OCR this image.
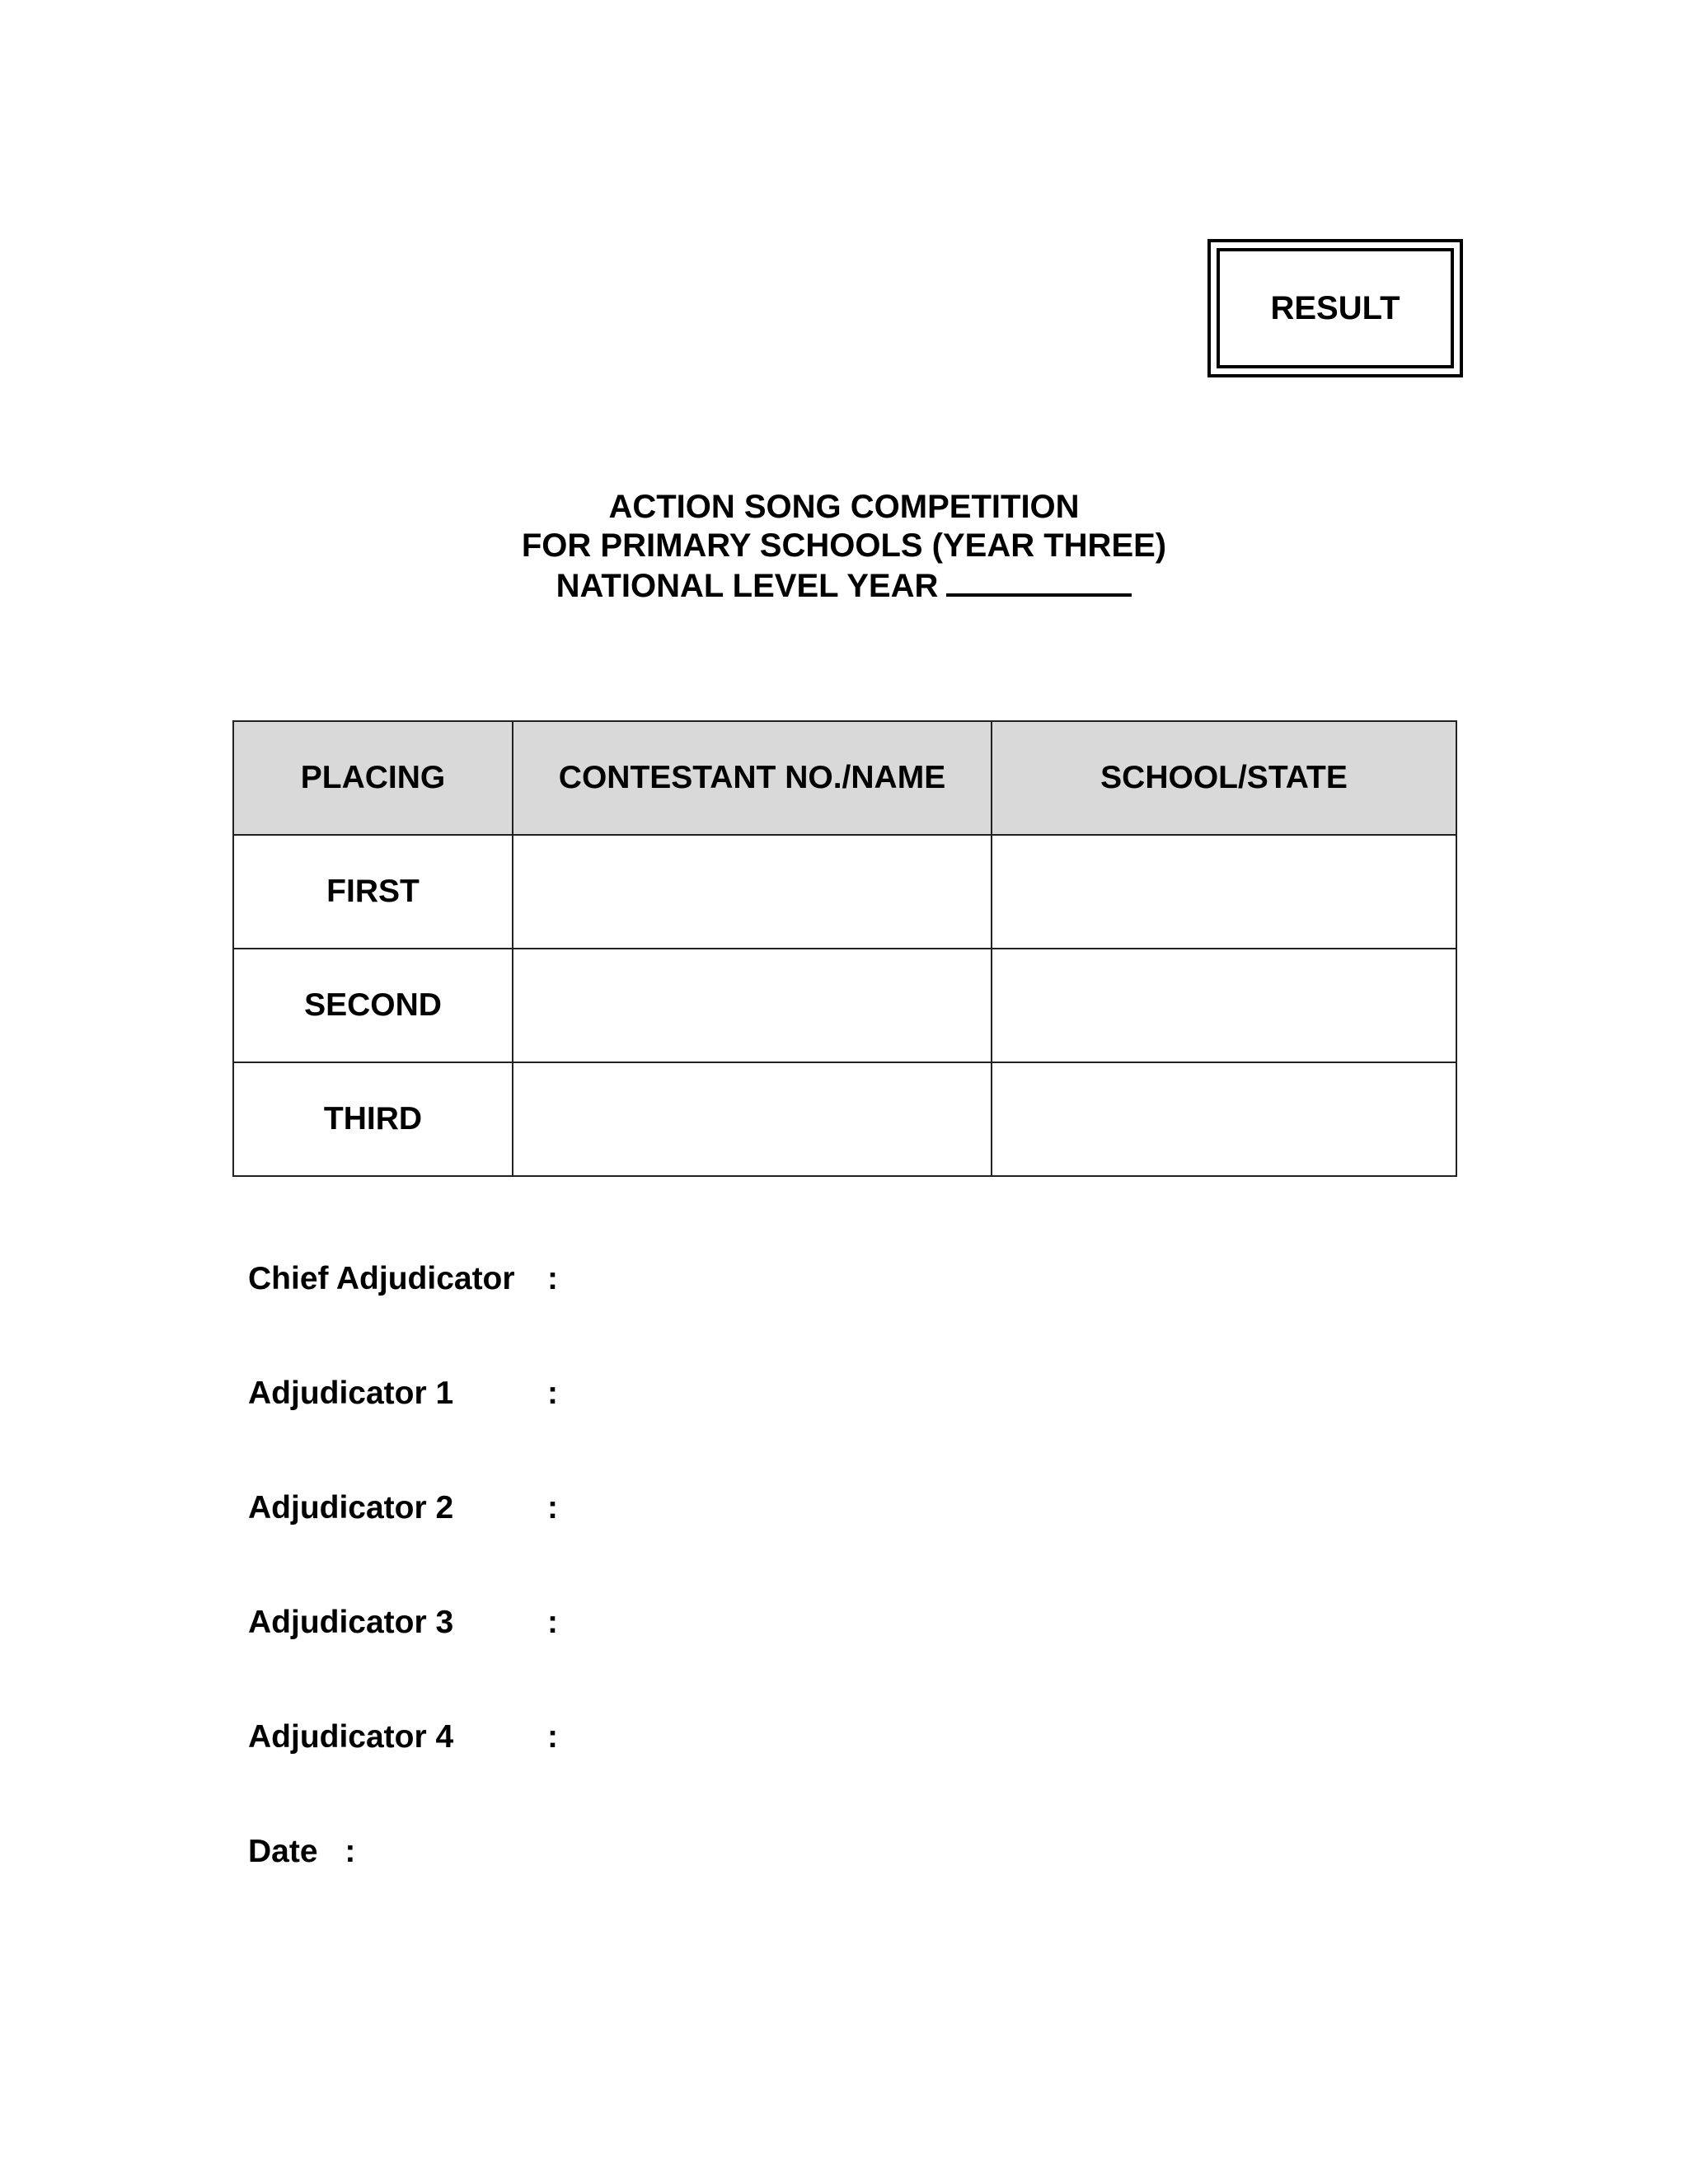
RESULT
ACTION SONG COMPETITION
FOR PRIMARY SCHOOLS (YEAR THREE)
NATIONAL LEVEL YEAR
PLACING	CONTESTANT NO./NAME	SCHOOL/STATE
FIRST		
SECOND		
THIRD		
Chief Adjudicator	:
Adjudicator 1	:
Adjudicator 2	:
Adjudicator 3	:
Adjudicator 4	:
Date :
